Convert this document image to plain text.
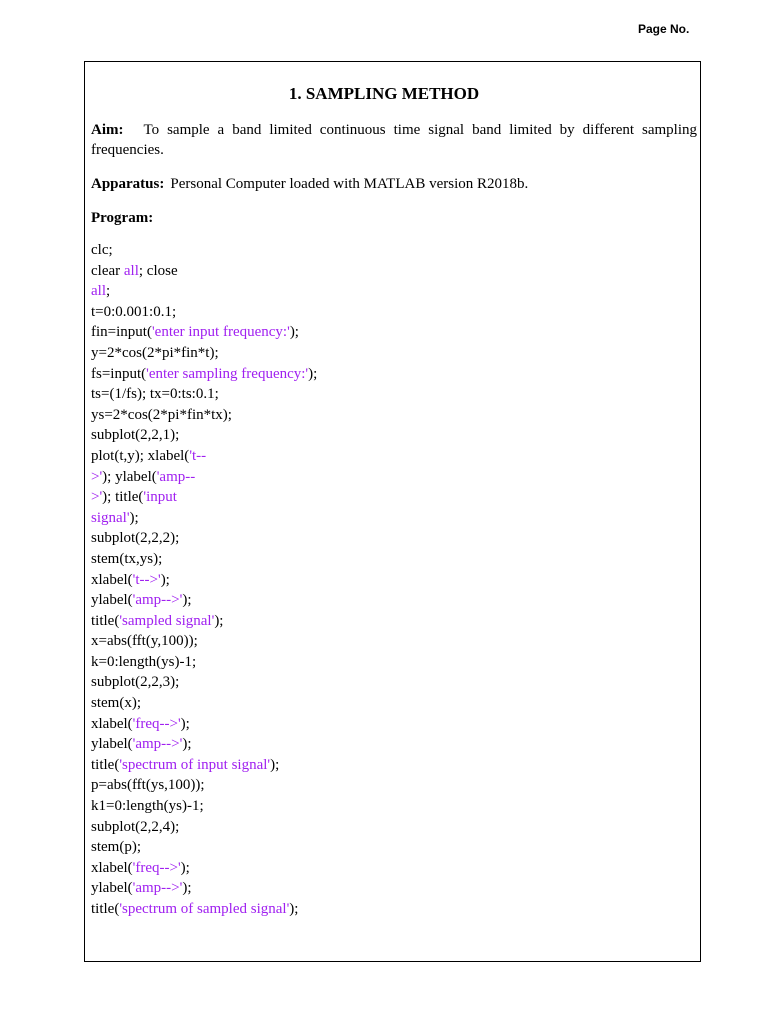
Page No.
1. SAMPLING METHOD
Aim: To sample a band limited continuous time signal band limited by different sampling frequencies.
Apparatus: Personal Computer loaded with MATLAB version R2018b.
Program:
clc;
clear all; close
all;
t=0:0.001:0.1;
fin=input('enter input frequency:');
y=2*cos(2*pi*fin*t);
fs=input('enter sampling frequency:');
ts=(1/fs); tx=0:ts:0.1;
ys=2*cos(2*pi*fin*tx);
subplot(2,2,1);
plot(t,y); xlabel('t--
>'); ylabel('amp--
>'); title('input
signal');
subplot(2,2,2);
stem(tx,ys);
xlabel('t-->');
ylabel('amp-->');
title('sampled signal');
x=abs(fft(y,100));
k=0:length(ys)-1;
subplot(2,2,3);
stem(x);
xlabel('freq-->');
ylabel('amp-->');
title('spectrum of input signal');
p=abs(fft(ys,100));
k1=0:length(ys)-1;
subplot(2,2,4);
stem(p);
xlabel('freq-->');
ylabel('amp-->');
title('spectrum of sampled signal');
